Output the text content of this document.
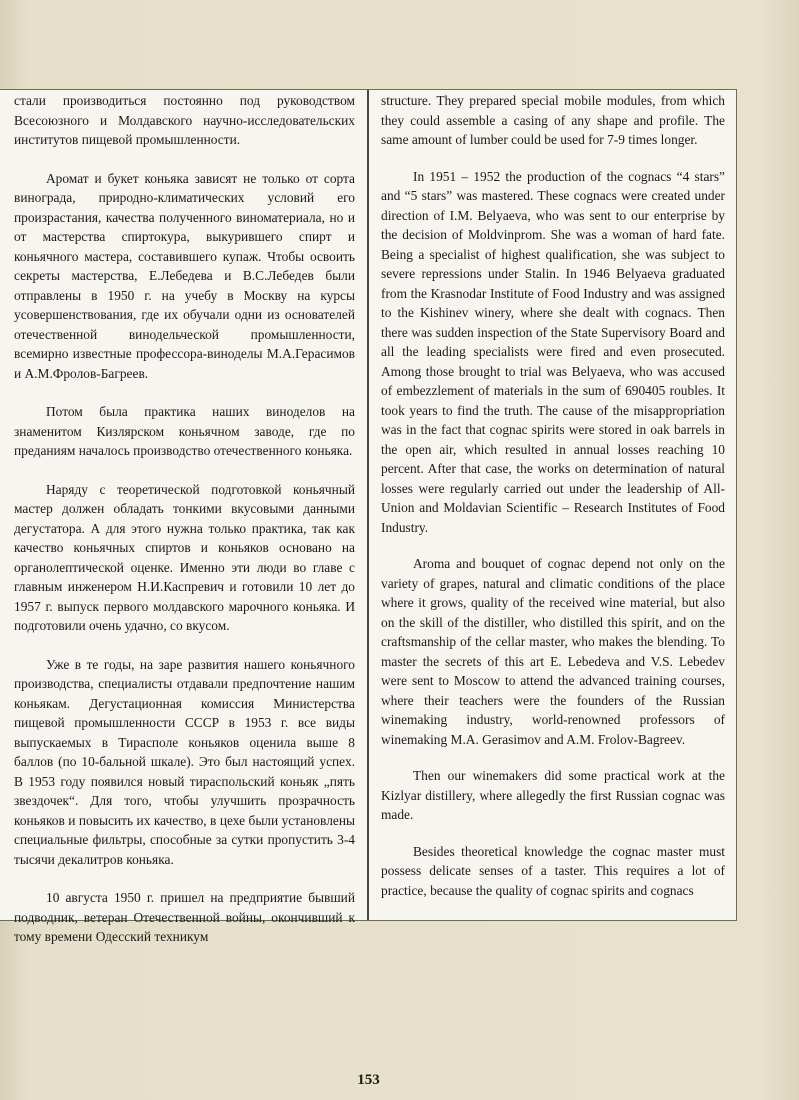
стали производиться постоянно под руководством Всесоюзного и Молдавского научно-исследовательских институтов пищевой промышленности.

Аромат и букет коньяка зависят не только от сорта винограда, природно-климатических условий его произрастания, качества полученного виноматериала, но и от мастерства спиртокура, выкурившего спирт и коньячного мастера, составившего купаж. Чтобы освоить секреты мастерства, Е.Лебедева и В.С.Лебедев были отправлены в 1950 г. на учебу в Москву на курсы усовершенствования, где их обучали одни из основателей отечественной винодельческой промышленности, всемирно известные профессора-виноделы М.А.Герасимов и А.М.Фролов-Багреев.

Потом была практика наших виноделов на знаменитом Кизлярском коньячном заводе, где по преданиям началось производство отечественного коньяка.

Наряду с теоретической подготовкой коньячный мастер должен обладать тонкими вкусовыми данными дегустатора. А для этого нужна только практика, так как качество коньячных спиртов и коньяков основано на органолептической оценке. Именно эти люди во главе с главным инженером Н.И.Каспревич и готовили 10 лет до 1957 г. выпуск первого молдавского марочного коньяка. И подготовили очень удачно, со вкусом.

Уже в те годы, на заре развития нашего коньячного производства, специалисты отдавали предпочтение нашим коньякам. Дегустационная комиссия Министерства пищевой промышленности СССР в 1953 г. все виды выпускаемых в Тирасполе коньяков оценила выше 8 баллов (по 10-бальной шкале). Это был настоящий успех. В 1953 году появился новый тираспольский коньяк „пять звездочек“. Для того, чтобы улучшить прозрачность коньяков и повысить их качество, в цехе были установлены специальные фильтры, способные за сутки пропустить 3-4 тысячи декалитров коньяка.

10 августа 1950 г. пришел на предприятие бывший подводник, ветеран Отечественной войны, окончивший к тому времени Одесский техникум

structure. They prepared special mobile modules, from which they could assemble a casing of any shape and profile. The same amount of lumber could be used for 7-9 times longer.

In 1951 – 1952 the production of the cognacs “4 stars” and “5 stars” was mastered. These cognacs were created under direction of I.M. Belyaeva, who was sent to our enterprise by the decision of Moldvinprom. She was a woman of hard fate. Being a specialist of highest qualification, she was subject to severe repressions under Stalin. In 1946 Belyaeva graduated from the Krasnodar Institute of Food Industry and was assigned to the Kishinev winery, where she dealt with cognacs. Then there was sudden inspection of the State Supervisory Board and all the leading specialists were fired and even prosecuted. Among those brought to trial was Belyaeva, who was accused of embezzlement of materials in the sum of 690405 roubles. It took years to find the truth. The cause of the misappropriation was in the fact that cognac spirits were stored in oak barrels in the open air, which resulted in annual losses reaching 10 percent. After that case, the works on determination of natural losses were regularly carried out under the leadership of All-Union and Moldavian Scientific – Research Institutes of Food Industry.

Aroma and bouquet of cognac depend not only on the variety of grapes, natural and climatic conditions of the place where it grows, quality of the received wine material, but also on the skill of the distiller, who distilled this spirit, and on the craftsmanship of the cellar master, who makes the blending. To master the secrets of this art E. Lebedeva and V.S. Lebedev were sent to Moscow to attend the advanced training courses, where their teachers were the founders of the Russian winemaking industry, world-renowned professors of winemaking M.A. Gerasimov and A.M. Frolov-Bagreev.

Then our winemakers did some practical work at the Kizlyar distillery, where allegedly the first Russian cognac was made.

Besides theoretical knowledge the cognac master must possess delicate senses of a taster. This requires a lot of practice, because the quality of cognac spirits and cognacs

153
